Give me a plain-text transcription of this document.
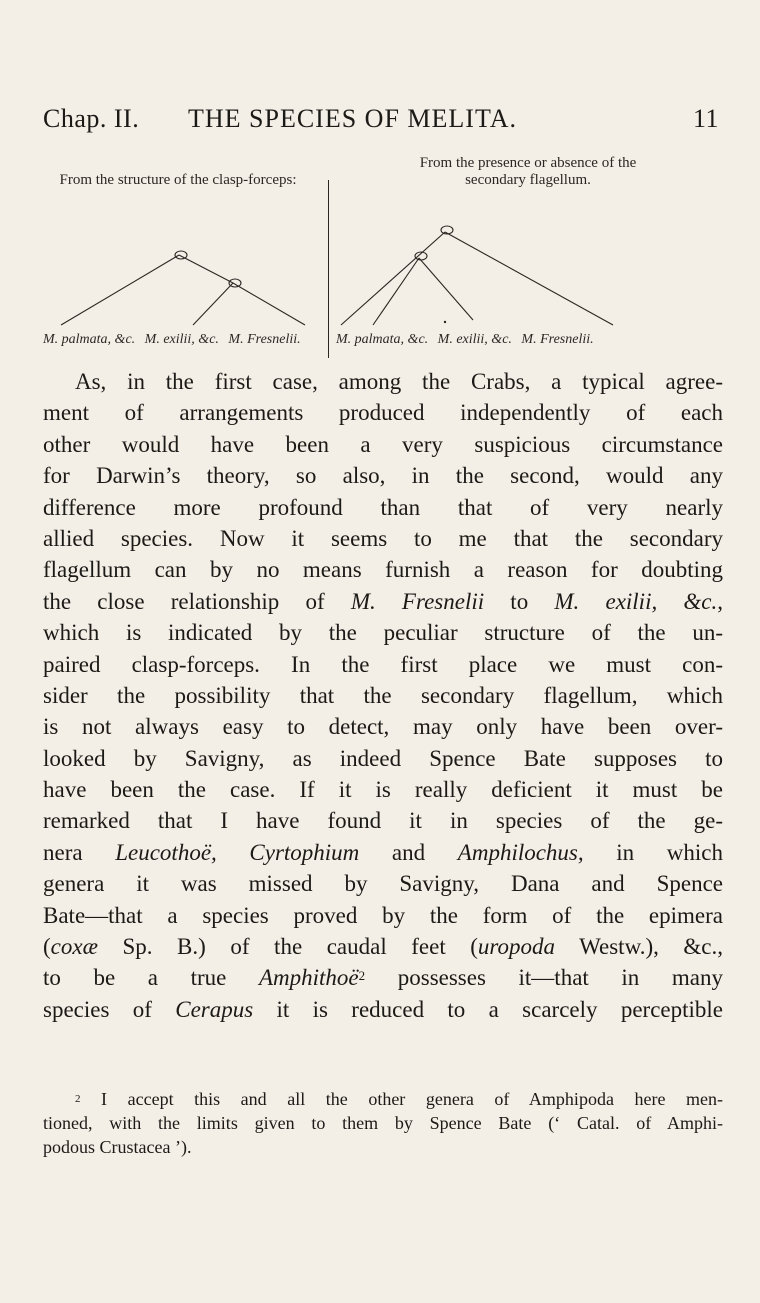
Chap. II. THE SPECIES OF MELITA.	11
From the structure of the clasp-forceps:
From the presence or absence of the
secondary flagellum.
M. palmata, &c. M. exilii, &c. M. Fresnelii.	M. palmata, &c. M. exilii, &c. M. Fresnelii.
As, in the first case, among the Crabs, a typical agree-
ment of arrangements produced independently of each
other would have been a very suspicious circumstance
for Darwin’s theory, so also, in the second, would any
difference more profound than that of very nearly
allied species. Now it seems to me that the secondary
flagellum can by no means furnish a reason for doubting
the close relationship of M. Fresnelii to M. exilii, &c.,
which is indicated by the peculiar structure of the un-
paired clasp-forceps. In the first place we must con-
sider the possibility that the secondary flagellum, which
is not always easy to detect, may only have been over-
looked by Savigny, as indeed Spence Bate supposes to
have been the case. If it is really deficient it must be
remarked that I have found it in species of the ge-
nera Leucothoë, Cyrtophium and Amphilochus, in which
genera it was missed by Savigny, Dana and Spence
Bate—that a species proved by the form of the epimera
(coxæ Sp. B.) of the caudal feet (uropoda Westw.), &c.,
to be a true Amphithoë$^2$ possesses it—that in many
species of Cerapus it is reduced to a scarcely perceptible
$^2$ I accept this and all the other genera of Amphipoda here men-
tioned, with the limits given to them by Spence Bate (‘ Catal. of Amphi-
podous Crustacea ’).
